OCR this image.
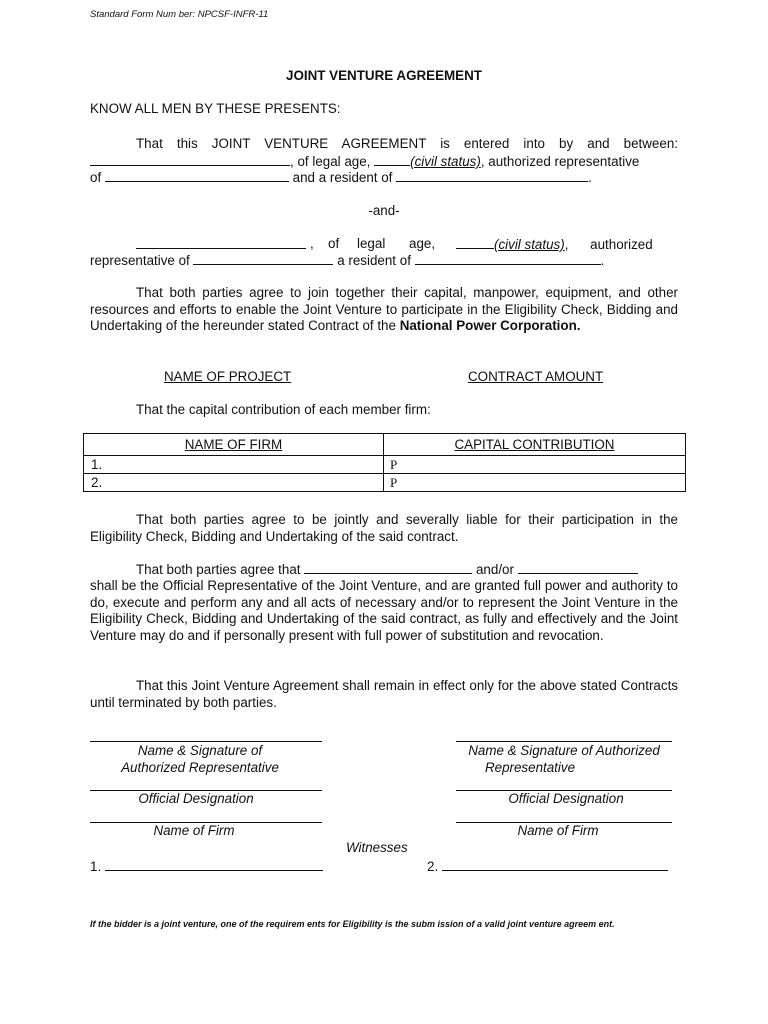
Standard Form Num ber: NPCSF-INFR-11
JOINT VENTURE AGREEMENT
KNOW ALL MEN BY THESE PRESENTS:
That this JOINT VENTURE AGREEMENT is entered into by and between:
, of legal age,	(civil status), authorized representative
of	and a resident of	.
-and-
, of legal age,	(civil status), authorized
representative of	a resident of	.
That both parties agree to join together their capital, manpower, equipment, and other resources and efforts to enable the Joint Venture to participate in the Eligibility Check, Bidding and Undertaking of the hereunder stated Contract of the National Power Corporation.
NAME OF PROJECT	CONTRACT AMOUNT
That the capital contribution of each member firm:
NAME OF FIRM	CAPITAL CONTRIBUTION
1.	P
2.	P
That both parties agree to be jointly and severally liable for their participation in the Eligibility Check, Bidding and Undertaking of the said contract.
That both parties agree that	and/or
shall be the Official Representative of the Joint Venture, and are granted full power and authority to do, execute and perform any and all acts of necessary and/or to represent the Joint Venture in the Eligibility Check, Bidding and Undertaking of the said contract, as fully and effectively and the Joint Venture may do and if personally present with full power of substitution and revocation.
That this Joint Venture Agreement shall remain in effect only for the above stated Contracts until terminated by both parties.
Name & Signature of
Authorized Representative
Name & Signature of Authorized
Representative
Official Designation	Official Designation
Name of Firm	Name of Firm
Witnesses
1.	2.
If the bidder is a joint venture, one of the requirem ents for Eligibility is the subm ission of a valid joint venture agreem ent.
